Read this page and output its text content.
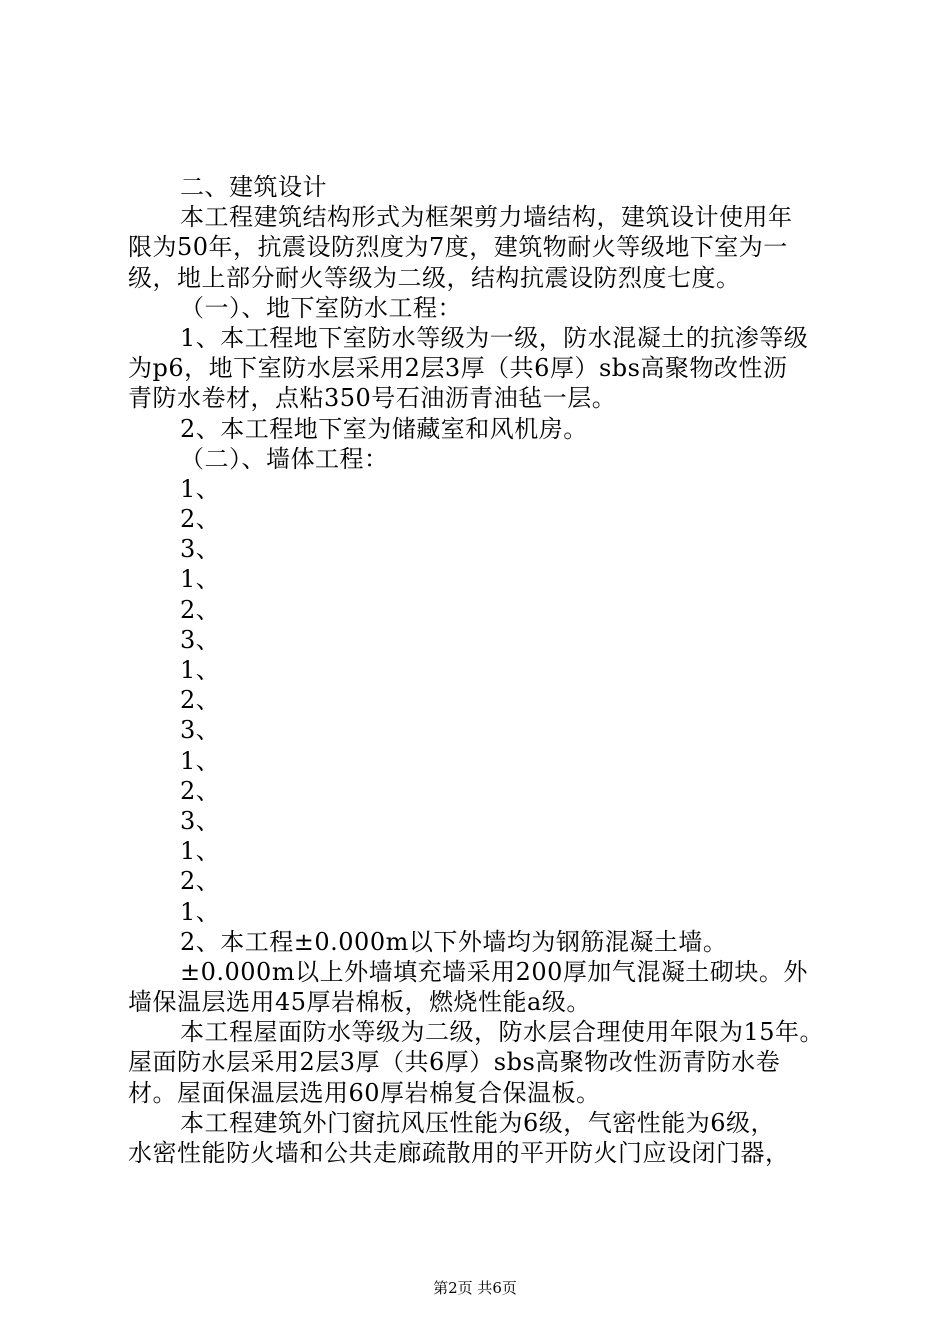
二、建筑设计
本工程建筑结构形式为框架剪力墙结构，建筑设计使用年
限为50年，抗震设防烈度为7度，建筑物耐火等级地下室为一
级，地上部分耐火等级为二级，结构抗震设防烈度七度。
（一）、地下室防水工程：
1、本工程地下室防水等级为一级，防水混凝土的抗渗等级
为p6，地下室防水层采用2层3厚（共6厚）sbs高聚物改性沥
青防水卷材，点粘350号石油沥青油毡一层。
2、本工程地下室为储藏室和风机房。
（二）、墙体工程：
1、
2、
3、
1、
2、
3、
1、
2、
3、
1、
2、
3、
1、
2、
1、
2、本工程±0.000m以下外墙均为钢筋混凝土墙。
±0.000m以上外墙填充墙采用200厚加气混凝土砌块。外
墙保温层选用45厚岩棉板，燃烧性能a级。
本工程屋面防水等级为二级，防水层合理使用年限为15年。
屋面防水层采用2层3厚（共6厚）sbs高聚物改性沥青防水卷
材。屋面保温层选用60厚岩棉复合保温板。
本工程建筑外门窗抗风压性能为6级，气密性能为6级，
水密性能防火墙和公共走廊疏散用的平开防火门应设闭门器，
第2页 共6页
